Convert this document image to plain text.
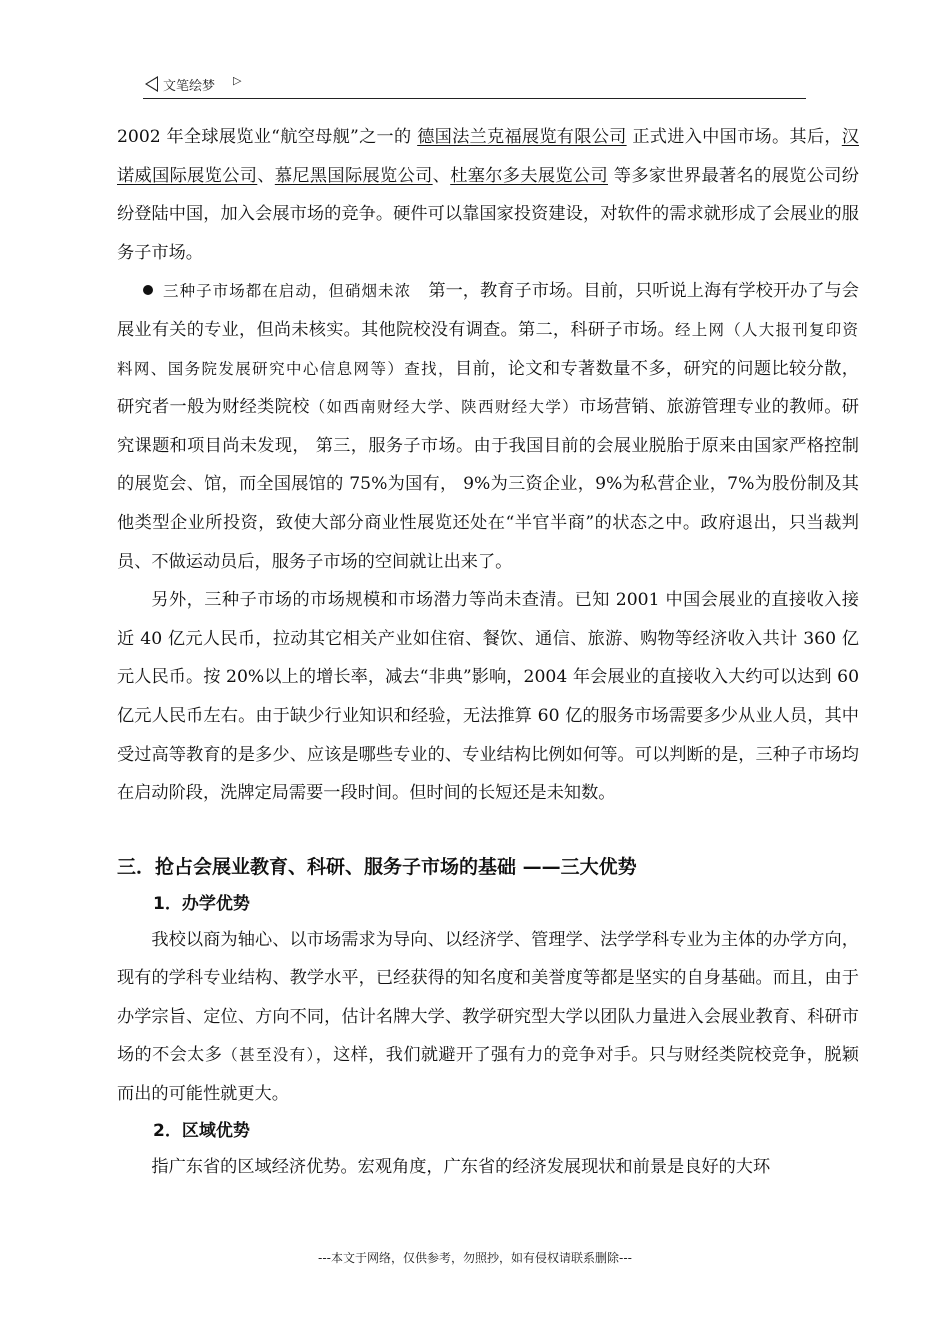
文笔绘梦 ▷

2002 年全球展览业“航空母舰”之一的 德国法兰克福展览有限公司 正式进入中国市场。其后，汉诺威国际展览公司、慕尼黑国际展览公司、杜塞尔多夫展览公司 等多家世界最著名的展览公司纷纷登陆中国，加入会展市场的竞争。硬件可以靠国家投资建设，对软件的需求就形成了会展业的服务子市场。

三种子市场都在启动，但硝烟未浓　第一，教育子市场。目前，只听说上海有学校开办了与会展业有关的专业，但尚未核实。其他院校没有调查。第二，科研子市场。经上网（人大报刊复印资料网、国务院发展研究中心信息网等）查找，目前，论文和专著数量不多，研究的问题比较分散，研究者一般为财经类院校（如西南财经大学、陕西财经大学）市场营销、旅游管理专业的教师。研究课题和项目尚未发现， 第三，服务子市场。由于我国目前的会展业脱胎于原来由国家严格控制的展览会、馆，而全国展馆的 75%为国有， 9%为三资企业，9%为私营企业，7%为股份制及其他类型企业所投资，致使大部分商业性展览还处在“半官半商”的状态之中。政府退出，只当裁判员、不做运动员后，服务子市场的空间就让出来了。

另外，三种子市场的市场规模和市场潜力等尚未查清。已知 2001 中国会展业的直接收入接近 40 亿元人民币，拉动其它相关产业如住宿、餐饮、通信、旅游、购物等经济收入共计 360 亿元人民币。按 20%以上的增长率，减去“非典”影响，2004 年会展业的直接收入大约可以达到 60 亿元人民币左右。由于缺少行业知识和经验，无法推算 60 亿的服务市场需要多少从业人员，其中受过高等教育的是多少、应该是哪些专业的、专业结构比例如何等。可以判断的是，三种子市场均在启动阶段，洗牌定局需要一段时间。但时间的长短还是未知数。

三．抢占会展业教育、科研、服务子市场的基础 ——三大优势
1．办学优势

我校以商为轴心、以市场需求为导向、以经济学、管理学、法学学科专业为主体的办学方向，现有的学科专业结构、教学水平，已经获得的知名度和美誉度等都是坚实的自身基础。而且，由于办学宗旨、定位、方向不同，估计名牌大学、教学研究型大学以团队力量进入会展业教育、科研市场的不会太多（甚至没有），这样，我们就避开了强有力的竞争对手。只与财经类院校竞争，脱颖而出的可能性就更大。

2．区域优势

指广东省的区域经济优势。宏观角度，广东省的经济发展现状和前景是良好的大环

---本文于网络，仅供参考，勿照抄，如有侵权请联系删除---
